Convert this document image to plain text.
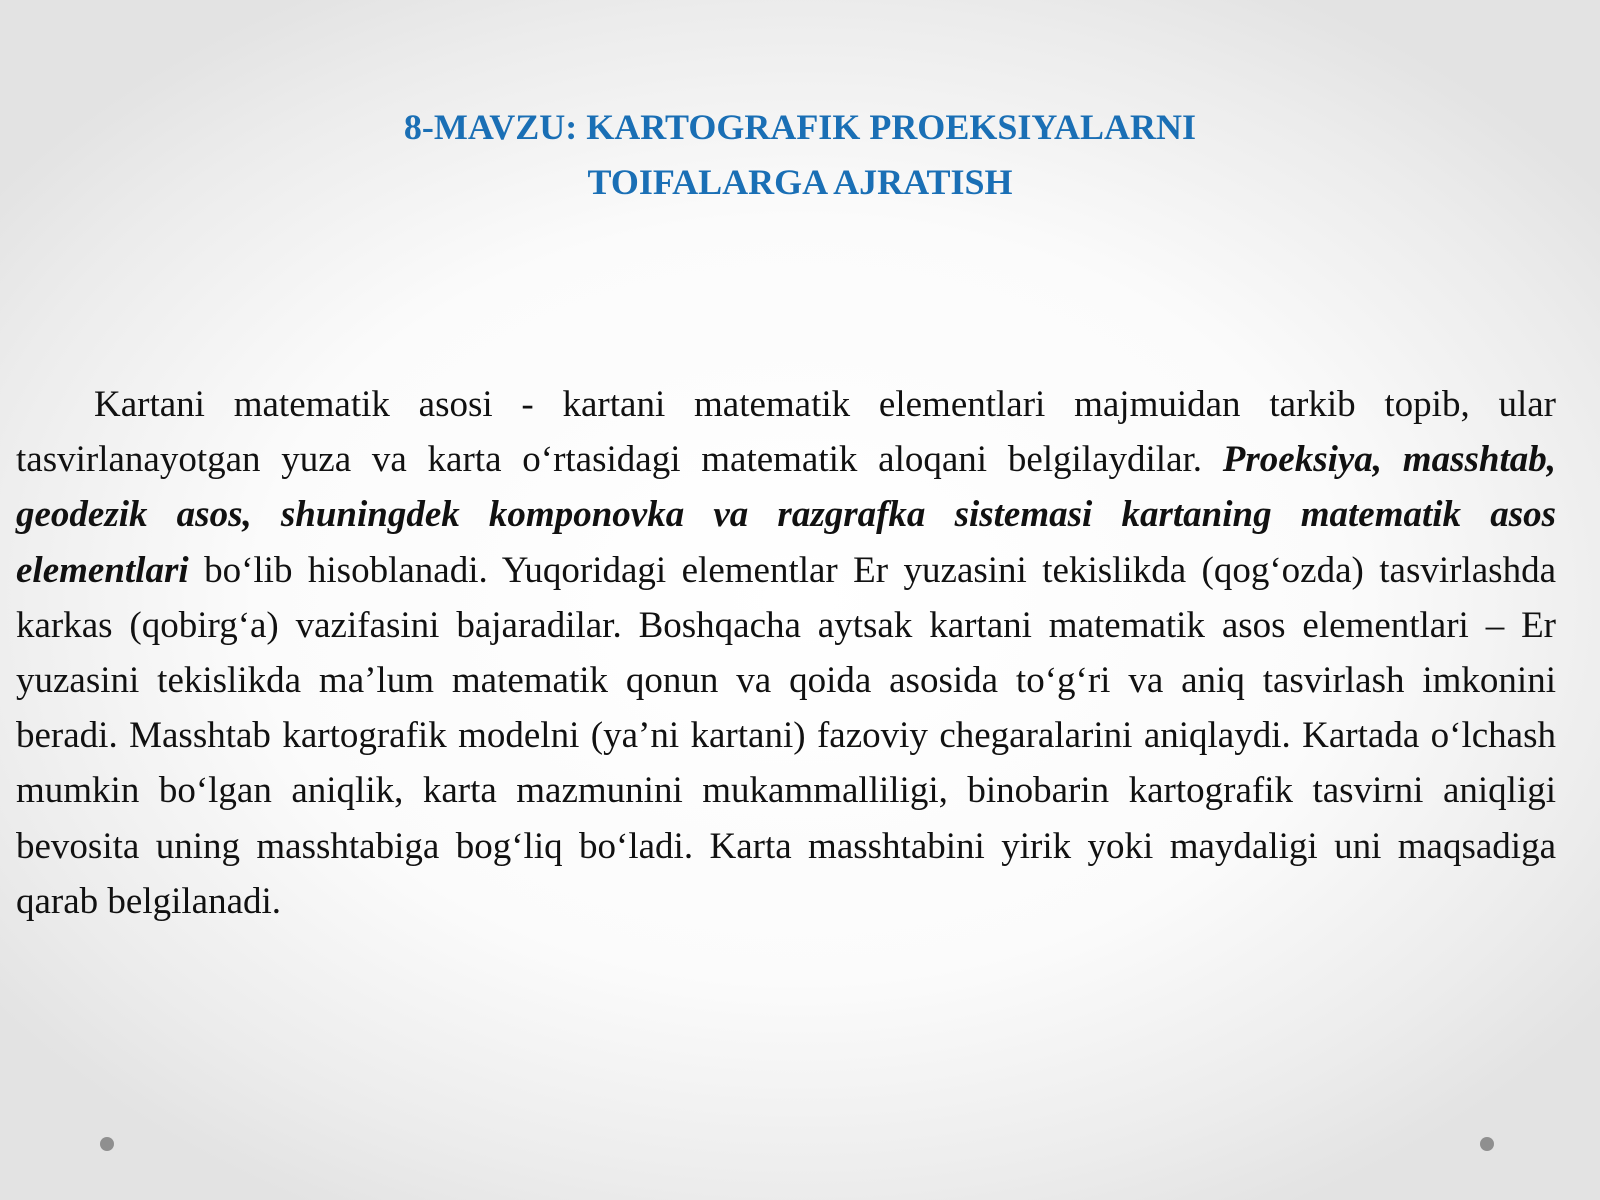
8-MAVZU: KARTOGRAFIK PROEKSIYALARNI
TOIFALARGA AJRATISH

Kartani matematik asosi - kartani matematik elementlari majmuidan tarkib topib, ular tasvirlanayotgan yuza va karta oʻrtasidagi matematik aloqani belgilaydilar. Proeksiya, masshtab, geodezik asos, shuningdek komponovka va razgrafka sistemasi kartaning matematik asos elementlari boʻlib hisoblanadi. Yuqoridagi elementlar Er yuzasini tekislikda (qogʻozda) tasvirlashda karkas (qobirgʻa) vazifasini bajaradilar. Boshqacha aytsak kartani matematik asos elementlari – Er yuzasini tekislikda ma’lum matematik qonun va qoida asosida toʻgʻri va aniq tasvirlash imkonini beradi. Masshtab kartografik modelni (ya’ni kartani) fazoviy chegaralarini aniqlaydi. Kartada oʻlchash mumkin boʻlgan aniqlik, karta mazmunini mukammalliligi, binobarin kartografik tasvirni aniqligi bevosita uning masshtabiga bogʻliq boʻladi. Karta masshtabini yirik yoki maydaligi uni maqsadiga qarab belgilanadi.
